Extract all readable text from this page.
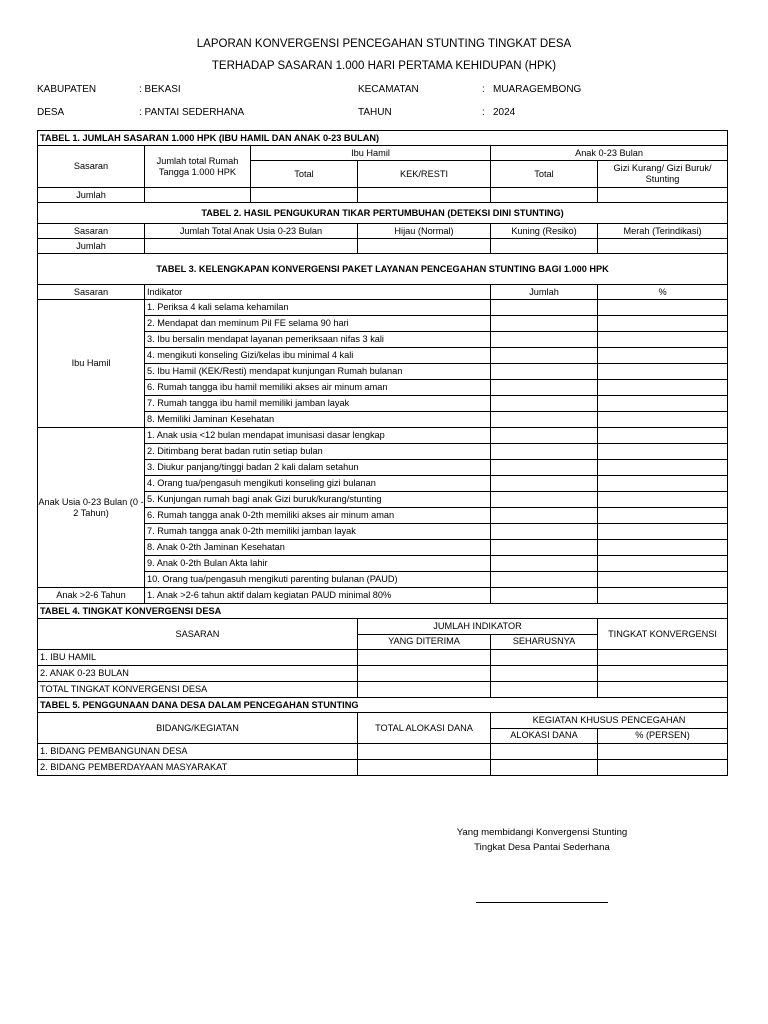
LAPORAN KONVERGENSI PENCEGAHAN STUNTING TINGKAT DESA
TERHADAP SASARAN 1.000 HARI PERTAMA KEHIDUPAN (HPK)
KABUPATEN	: BEKASI	KECAMATAN	: MUARAGEMBONG
DESA	: PANTAI SEDERHANA	TAHUN	: 2024
TABEL 1. JUMLAH SASARAN 1.000 HPK (IBU HAMIL DAN ANAK 0-23 BULAN)					
Sasaran	Jumlah total Rumah Tangga 1.000 HPK	Ibu Hamil		Anak 0-23 Bulan	
		Total	KEK/RESTI	Total	Gizi Kurang/ Gizi Buruk/ Stunting
Jumlah					
TABEL 2. HASIL PENGUKURAN TIKAR PERTUMBUHAN (DETEKSI DINI STUNTING)					
Sasaran	Jumlah Total Anak Usia 0-23 Bulan		Hijau (Normal)	Kuning (Resiko)	Merah (Terindikasi)
Jumlah					
TABEL 3. KELENGKAPAN KONVERGENSI PAKET LAYANAN PENCEGAHAN STUNTING BAGI 1.000 HPK					
Sasaran	Indikator			Jumlah	%
Ibu Hamil	1. Periksa 4 kali selama kehamilan				
	2. Mendapat dan meminum Pil FE selama 90 hari				
	3. Ibu bersalin mendapat layanan pemeriksaan nifas 3 kali				
	4. mengikuti konseling Gizi/kelas ibu minimal 4 kali				
	5. Ibu Hamil (KEK/Resti) mendapat kunjungan Rumah bulanan				
	6. Rumah tangga ibu hamil memiliki akses air minum aman				
	7. Rumah tangga ibu hamil memiliki jamban layak				
	8. Memiliki Jaminan Kesehatan				
Anak Usia 0-23 Bulan (0 - 2 Tahun)	1. Anak usia <12 bulan mendapat imunisasi dasar lengkap				
	2. Ditimbang berat badan rutin setiap bulan				
	3. Diukur panjang/tinggi badan 2 kali dalam setahun				
	4. Orang tua/pengasuh mengikuti konseling gizi bulanan				
	5. Kunjungan rumah bagi anak Gizi buruk/kurang/stunting				
	6. Rumah tangga anak 0-2th memiliki akses air minum aman				
	7. Rumah tangga anak 0-2th memiliki jamban layak				
	8. Anak 0-2th Jaminan Kesehatan				
	9. Anak 0-2th Bulan Akta lahir				
	10. Orang tua/pengasuh mengikuti parenting bulanan (PAUD)				
Anak >2-6 Tahun	1. Anak >2-6 tahun aktif dalam kegiatan PAUD minimal 80%				
TABEL 4. TINGKAT KONVERGENSI DESA					
SASARAN			JUMLAH INDIKATOR		TINGKAT KONVERGENSI
			YANG DITERIMA	SEHARUSNYA	
1. IBU HAMIL					
2. ANAK 0-23 BULAN					
TOTAL TINGKAT KONVERGENSI DESA					
TABEL 5. PENGGUNAAN DANA DESA DALAM PENCEGAHAN STUNTING					
BIDANG/KEGIATAN			TOTAL ALOKASI DANA	KEGIATAN KHUSUS PENCEGAHAN	
				ALOKASI DANA	% (PERSEN)
1. BIDANG PEMBANGUNAN DESA					
2. BIDANG PEMBERDAYAAN MASYARAKAT					
Yang membidangi Konvergensi Stunting
Tingkat Desa Pantai Sederhana
